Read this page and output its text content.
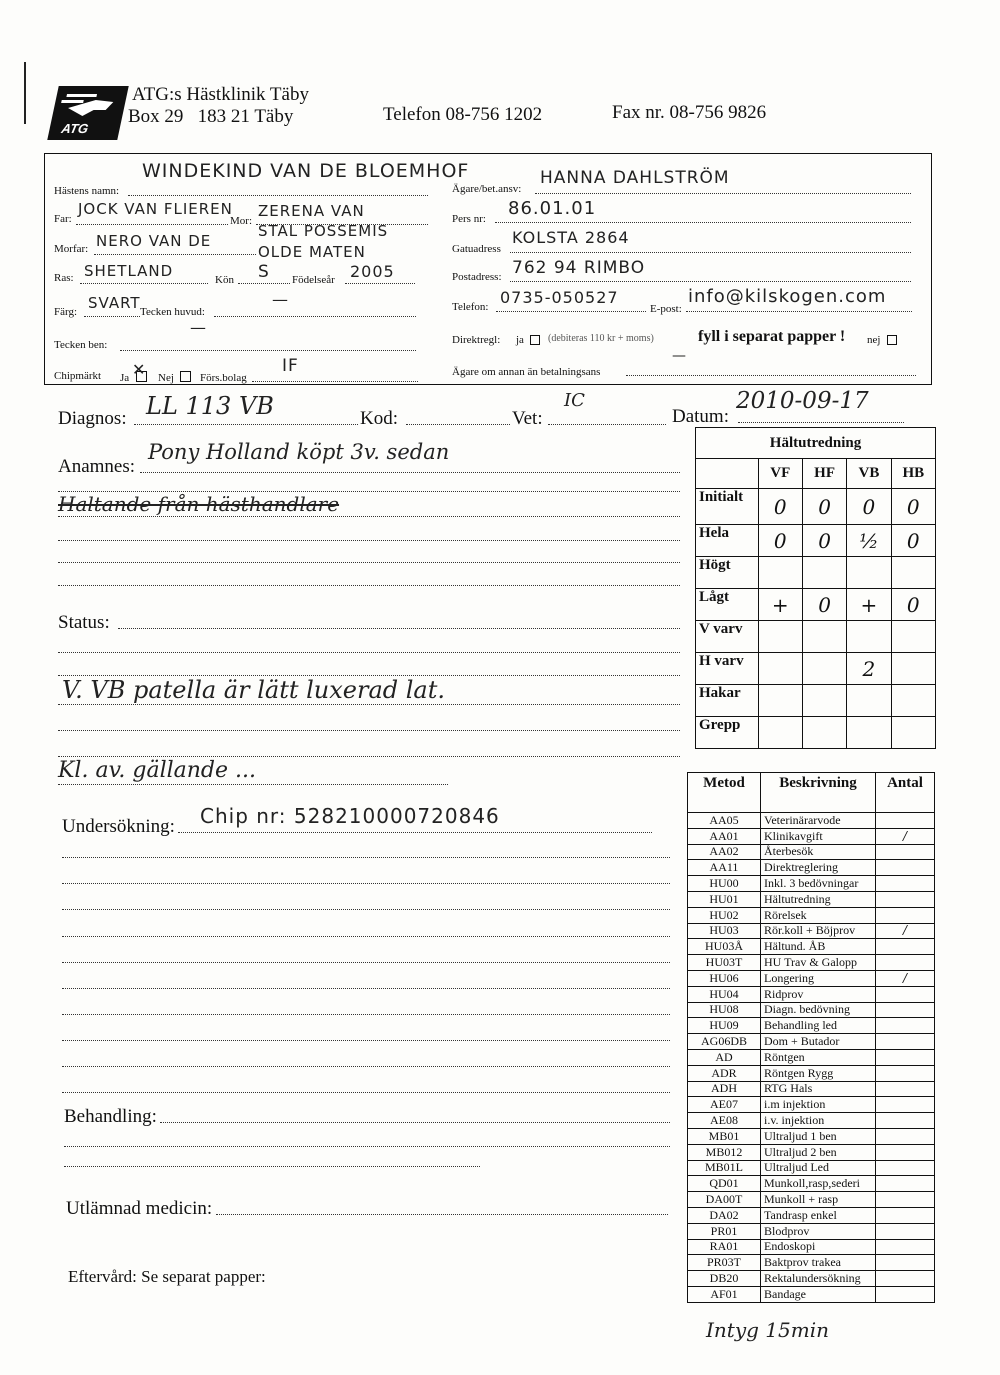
ATG
ATG:s Hästklinik Täby
Box 29   183 21 Täby	Telefon 08-756 1202	Fax nr. 08-756 9826
Hästens namn:
WINDEKIND VAN DE BLOEMHOF
Far:
JOCK VAN FLIEREN
Mor:
ZERENA VAN
STAL POSSEMIS
Morfar: NERO VAN DE
OLDE MATEN
Ras: SHETLAND	Kön S Födelseår 2005
Färg: SVART Tecken huvud:
—
—
Tecken ben:
Chipmärkt Ja ✕ Nej Förs.bolag
IF
HANNA DAHLSTRÖM
Ägare/bet.ansv:
Pers nr: 86.01.01
Gatuadress
KOLSTA 2864
Postadress: 762 94 RIMBO
Telefon: 0735-050527
E-post:
info@kilskogen.com
Direktregl: ja (debiteras 110 kr + moms)	fyll i separat papper ! nej
—
Ägare om annan än betalningsans
Diagnos: LL 113 VB	Kod:	Vet:
IC
Datum:
2010-09-17
Anamnes:
Pony Holland köpt 3v. sedan
Haltande från hästhandlare
Status:
V. VB patella är lätt luxerad lat.
Kl. av. gällande ...
Undersökning: Chip nr: 528210000720846
Behandling:
Utlämnad medicin:
Eftervård: Se separat papper:
Hältutredning				
	VF	HF	VB	HB
Initialt	0	0	0	0
Hela	0	0	½	0
Högt				
Lågt	+	0	+	0
V varv				
H varv			2	
Hakar				
Grepp				
Metod	Beskrivning	Antal
AA05	Veterinärarvode	
AA01	Klinikavgift	/
AA02	Återbesök	
AA11	Direktreglering	
HU00	Inkl. 3 bedövningar	
HU01	Hältutredning	
HU02	Rörelsek	
HU03	Rör.koll + Böjprov	/
HU03Å	Hältund. ÅB	
HU03T	HU Trav & Galopp	
HU06	Longering	/
HU04	Ridprov	
HU08	Diagn. bedövning	
HU09	Behandling led	
AG06DB	Dom + Butador	
AD	Röntgen	
ADR	Röntgen Rygg	
ADH	RTG Hals	
AE07	i.m injektion	
AE08	i.v. injektion	
MB01	Ultraljud 1 ben	
MB012	Ultraljud 2 ben	
MB01L	Ultraljud Led	
QD01	Munkoll,rasp,sederi	
DA00T	Munkoll + rasp	
DA02	Tandrasp enkel	
PR01	Blodprov	
RA01	Endoskopi	
PR03T	Baktprov trakea	
DB20	Rektalundersökning	
AF01	Bandage	
Intyg 15min
